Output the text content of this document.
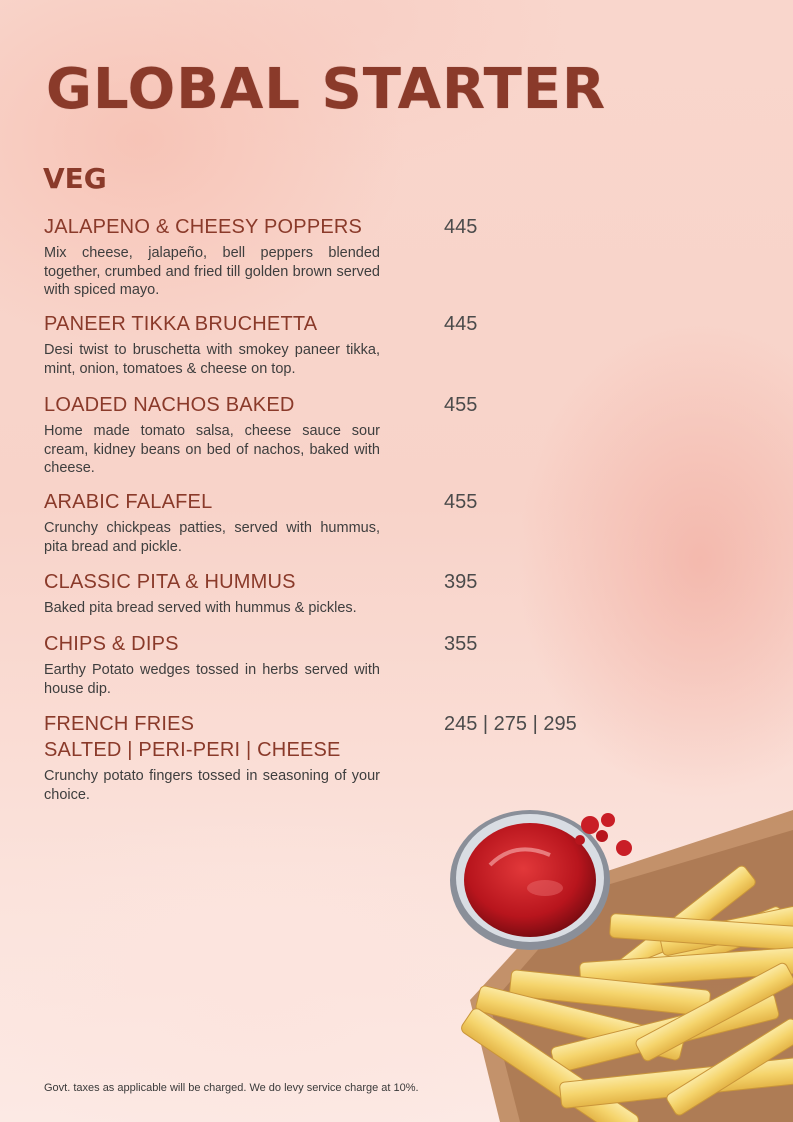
GLOBAL STARTER
VEG
JALAPENO & CHEESY POPPERS	445
Mix cheese, jalapeño, bell peppers blended together, crumbed and fried till golden brown served with spiced mayo.
PANEER TIKKA BRUCHETTA	445
Desi twist to bruschetta with smokey paneer tikka, mint, onion, tomatoes & cheese on top.
LOADED NACHOS BAKED	455
Home made tomato salsa, cheese sauce sour cream, kidney beans on bed of nachos, baked with cheese.
ARABIC FALAFEL	455
Crunchy chickpeas patties, served with hummus, pita bread and pickle.
CLASSIC PITA & HUMMUS	395
Baked pita bread served with hummus & pickles.
CHIPS & DIPS	355
Earthy Potato wedges tossed in herbs served with house dip.
FRENCH FRIES
SALTED | PERI-PERI | CHEESE
245 | 275 | 295
Crunchy potato fingers tossed in seasoning of your choice.
Govt. taxes as applicable will be charged. We do levy service charge at 10%.
